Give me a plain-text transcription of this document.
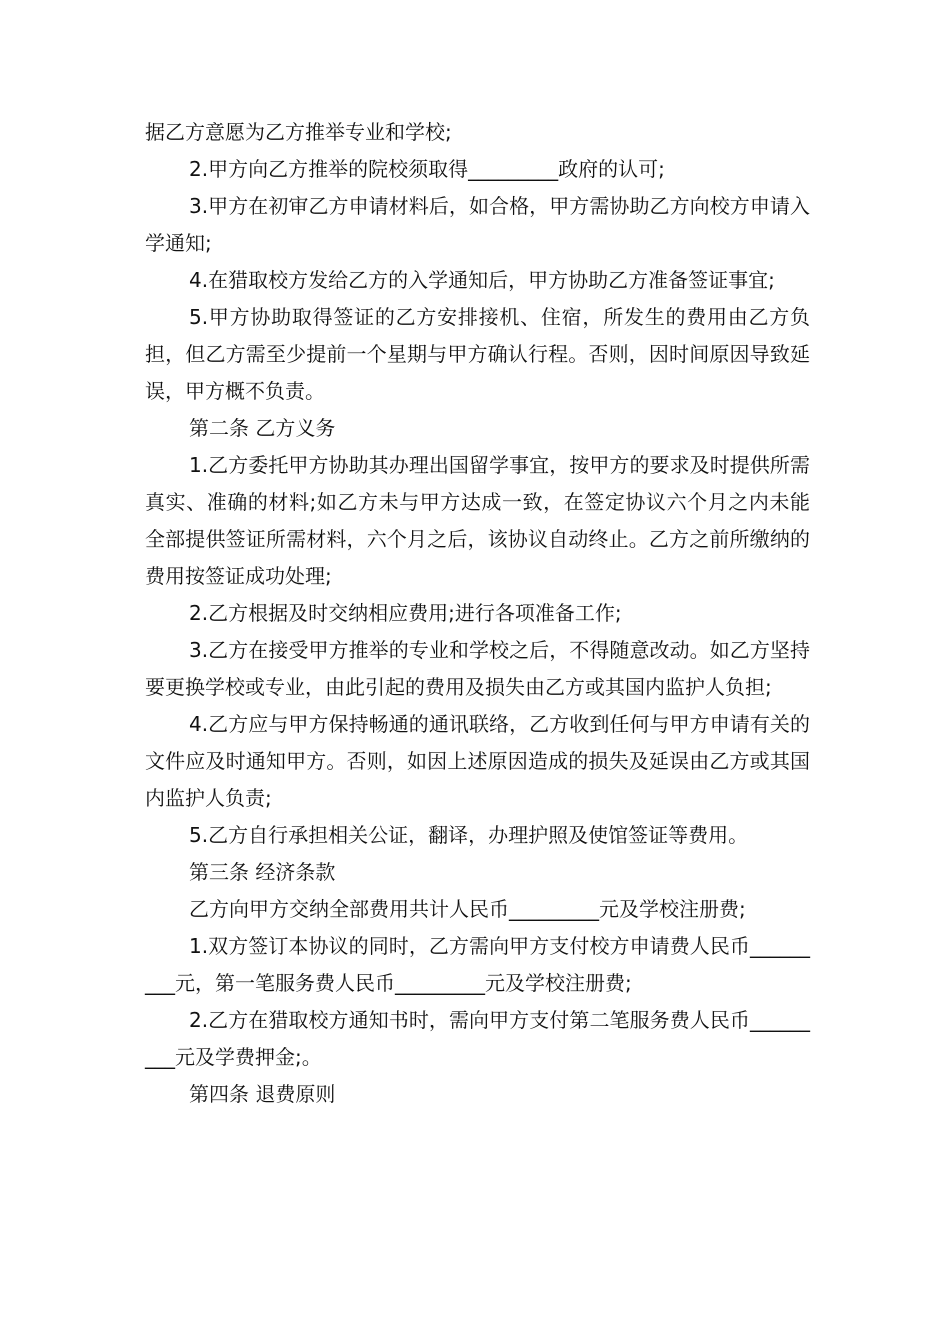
据乙方意愿为乙方推举专业和学校;

2.甲方向乙方推举的院校须取得_________政府的认可;

3.甲方在初审乙方申请材料后，如合格，甲方需协助乙方向校方申请入学通知;

4.在猎取校方发给乙方的入学通知后，甲方协助乙方准备签证事宜;

5.甲方协助取得签证的乙方安排接机、住宿，所发生的费用由乙方负担，但乙方需至少提前一个星期与甲方确认行程。否则，因时间原因导致延误，甲方概不负责。

第二条 乙方义务

1.乙方委托甲方协助其办理出国留学事宜，按甲方的要求及时提供所需真实、准确的材料;如乙方未与甲方达成一致，在签定协议六个月之内未能全部提供签证所需材料，六个月之后，该协议自动终止。乙方之前所缴纳的费用按签证成功处理;

2.乙方根据及时交纳相应费用;进行各项准备工作;

3.乙方在接受甲方推举的专业和学校之后，不得随意改动。如乙方坚持要更换学校或专业，由此引起的费用及损失由乙方或其国内监护人负担;

4.乙方应与甲方保持畅通的通讯联络，乙方收到任何与甲方申请有关的文件应及时通知甲方。否则，如因上述原因造成的损失及延误由乙方或其国内监护人负责;

5.乙方自行承担相关公证，翻译，办理护照及使馆签证等费用。

第三条 经济条款

乙方向甲方交纳全部费用共计人民币_________元及学校注册费;

1.双方签订本协议的同时，乙方需向甲方支付校方申请费人民币_________元，第一笔服务费人民币_________元及学校注册费;

2.乙方在猎取校方通知书时，需向甲方支付第二笔服务费人民币_________元及学费押金;。

第四条 退费原则
